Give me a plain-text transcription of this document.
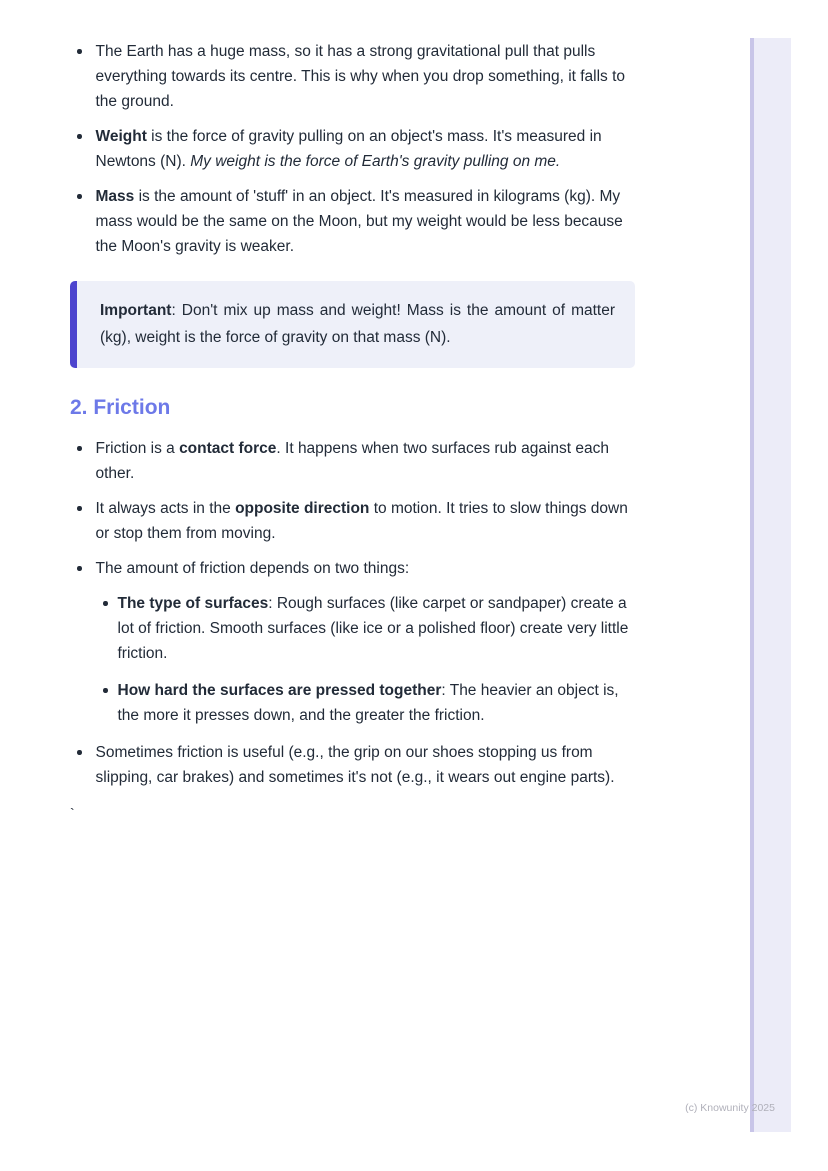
The Earth has a huge mass, so it has a strong gravitational pull that pulls everything towards its centre. This is why when you drop something, it falls to the ground.
Weight is the force of gravity pulling on an object's mass. It's measured in Newtons (N). My weight is the force of Earth's gravity pulling on me.
Mass is the amount of 'stuff' in an object. It's measured in kilograms (kg). My mass would be the same on the Moon, but my weight would be less because the Moon's gravity is weaker.
Important: Don't mix up mass and weight! Mass is the amount of matter (kg), weight is the force of gravity on that mass (N).
2. Friction
Friction is a contact force. It happens when two surfaces rub against each other.
It always acts in the opposite direction to motion. It tries to slow things down or stop them from moving.
The amount of friction depends on two things:
The type of surfaces: Rough surfaces (like carpet or sandpaper) create a lot of friction. Smooth surfaces (like ice or a polished floor) create very little friction.
How hard the surfaces are pressed together: The heavier an object is, the more it presses down, and the greater the friction.
Sometimes friction is useful (e.g., the grip on our shoes stopping us from slipping, car brakes) and sometimes it's not (e.g., it wears out engine parts).
`
(c) Knowunity 2025
